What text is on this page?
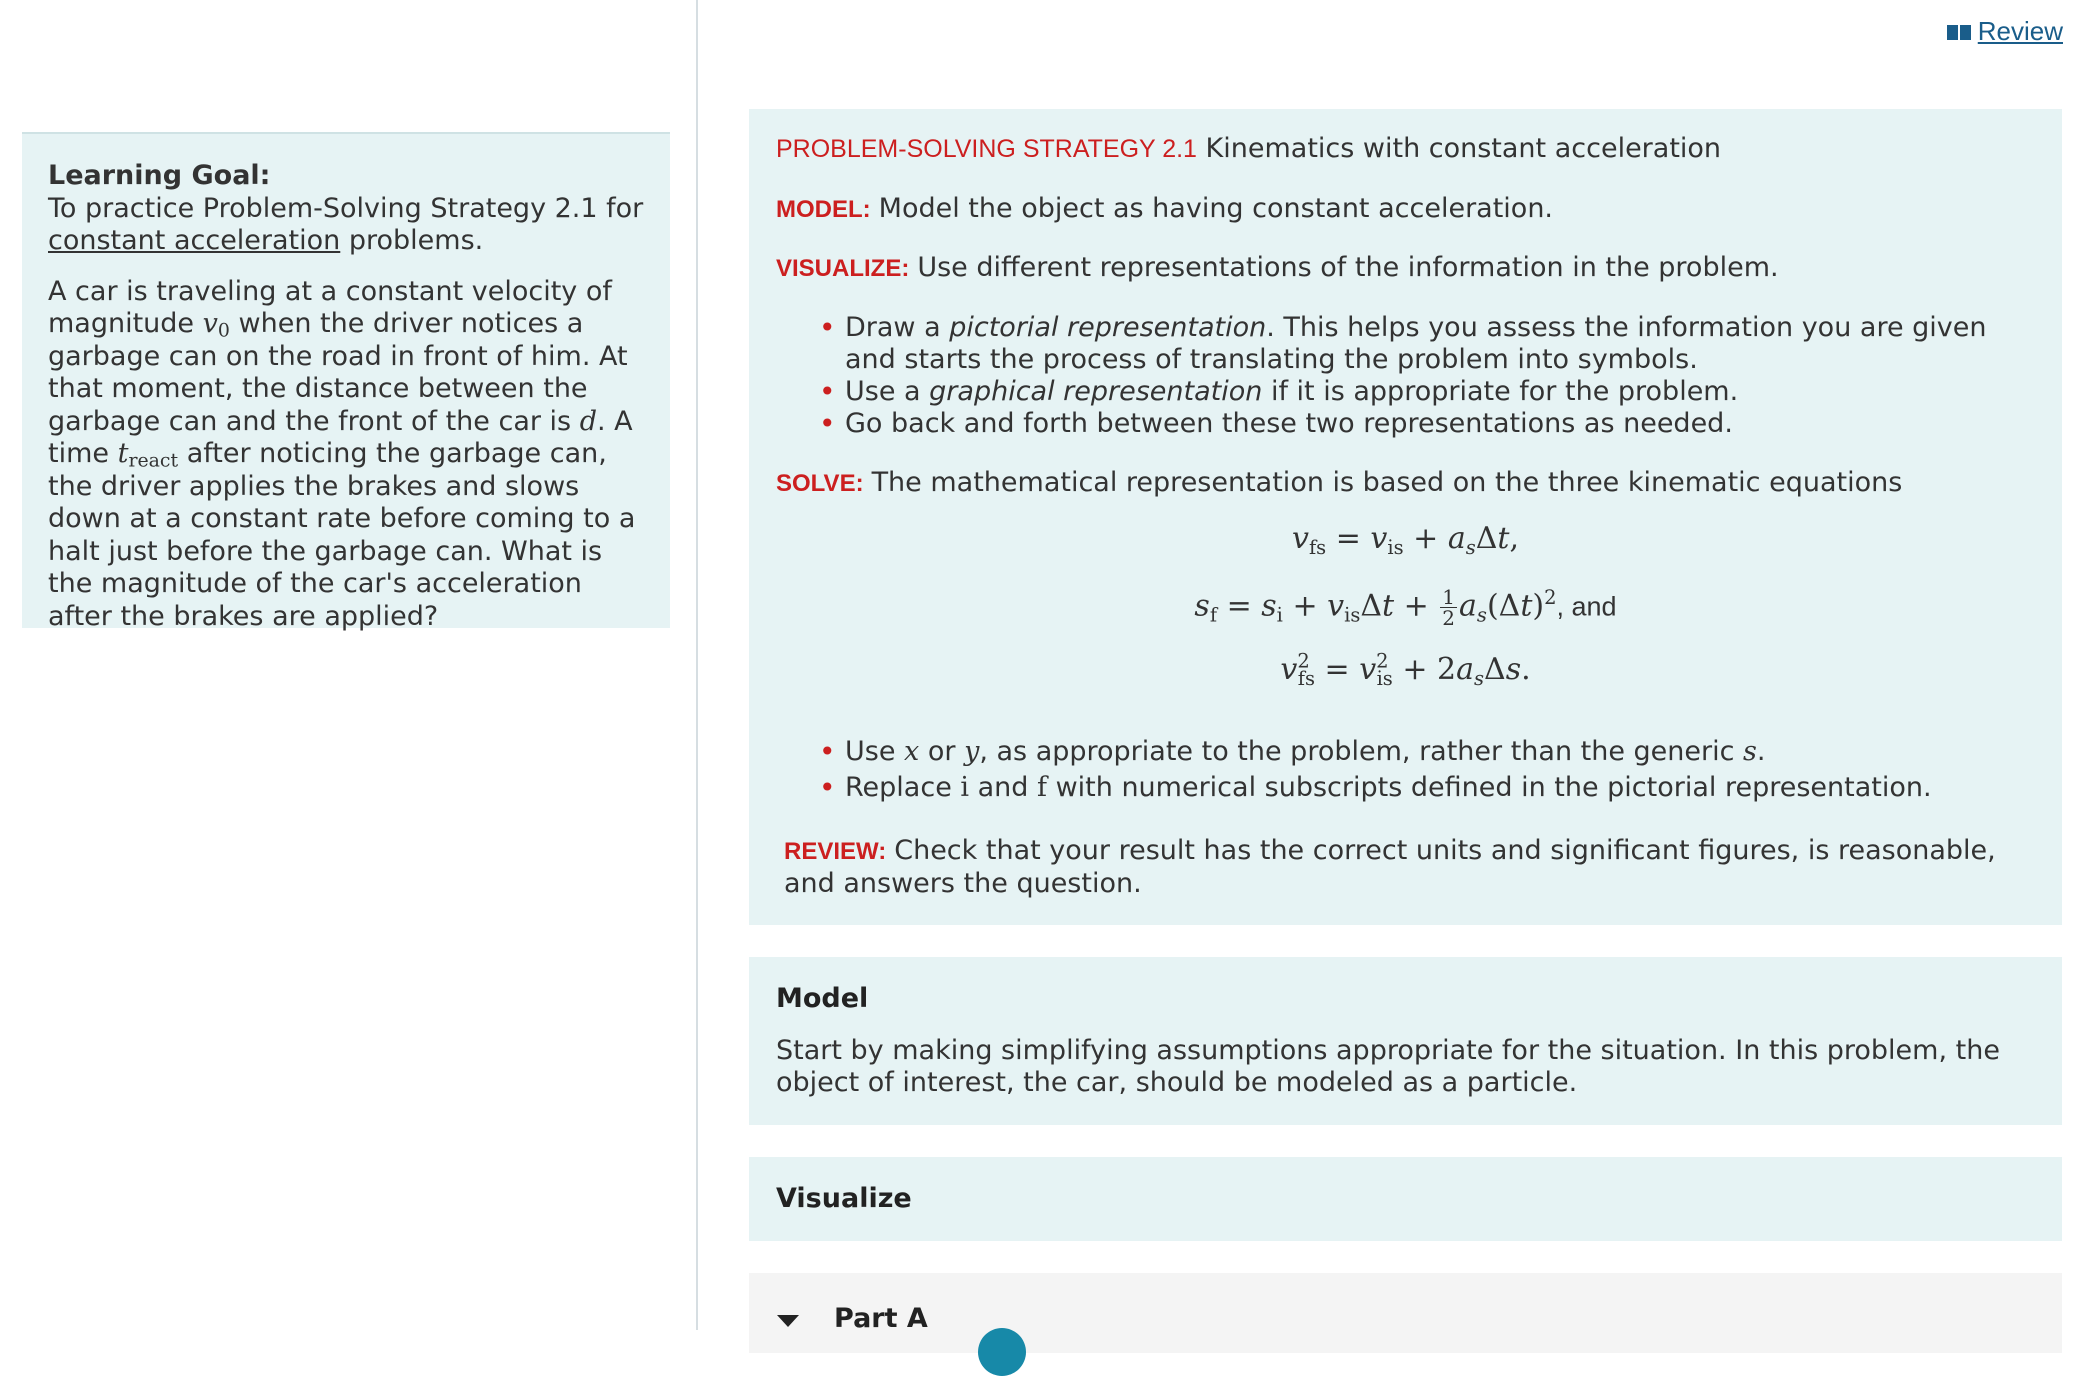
Review
Learning Goal:

To practice Problem-Solving Strategy 2.1 for
constant acceleration problems.

A car is traveling at a constant velocity of magnitude $v_0$ when the driver notices a garbage can on the road in front of him. At that moment, the distance between the garbage can and the front of the car is d. A time $t_{react}$ after noticing the garbage can, the driver applies the brakes and slows down at a constant rate before coming to a halt just before the garbage can. What is the magnitude of the car's acceleration after the brakes are applied?

PROBLEM-SOLVING STRATEGY 2.1 Kinematics with constant acceleration
MODEL: Model the object as having constant acceleration.
VISUALIZE: Use different representations of the information in the problem.
• Draw a pictorial representation. This helps you assess the information you are given and starts the process of translating the problem into symbols.
• Use a graphical representation if it is appropriate for the problem.
• Go back and forth between these two representations as needed.
SOLVE: The mathematical representation is based on the three kinematic equations
$v_{fs} = v_{is} + a_s\Delta t$,
$s_f = s_i + v_{is}\Delta t + \frac{1}{2} a_s(\Delta t)^2$, and
$v^2_{fs} = v^2_{is} + 2a_s\Delta s$.
• Use x or y, as appropriate to the problem, rather than the generic s.
• Replace i and f with numerical subscripts defined in the pictorial representation.
REVIEW: Check that your result has the correct units and significant figures, is reasonable, and answers the question.
Model

Start by making simplifying assumptions appropriate for the situation. In this problem, the object of interest, the car, should be modeled as a particle.

Visualize
Part A
